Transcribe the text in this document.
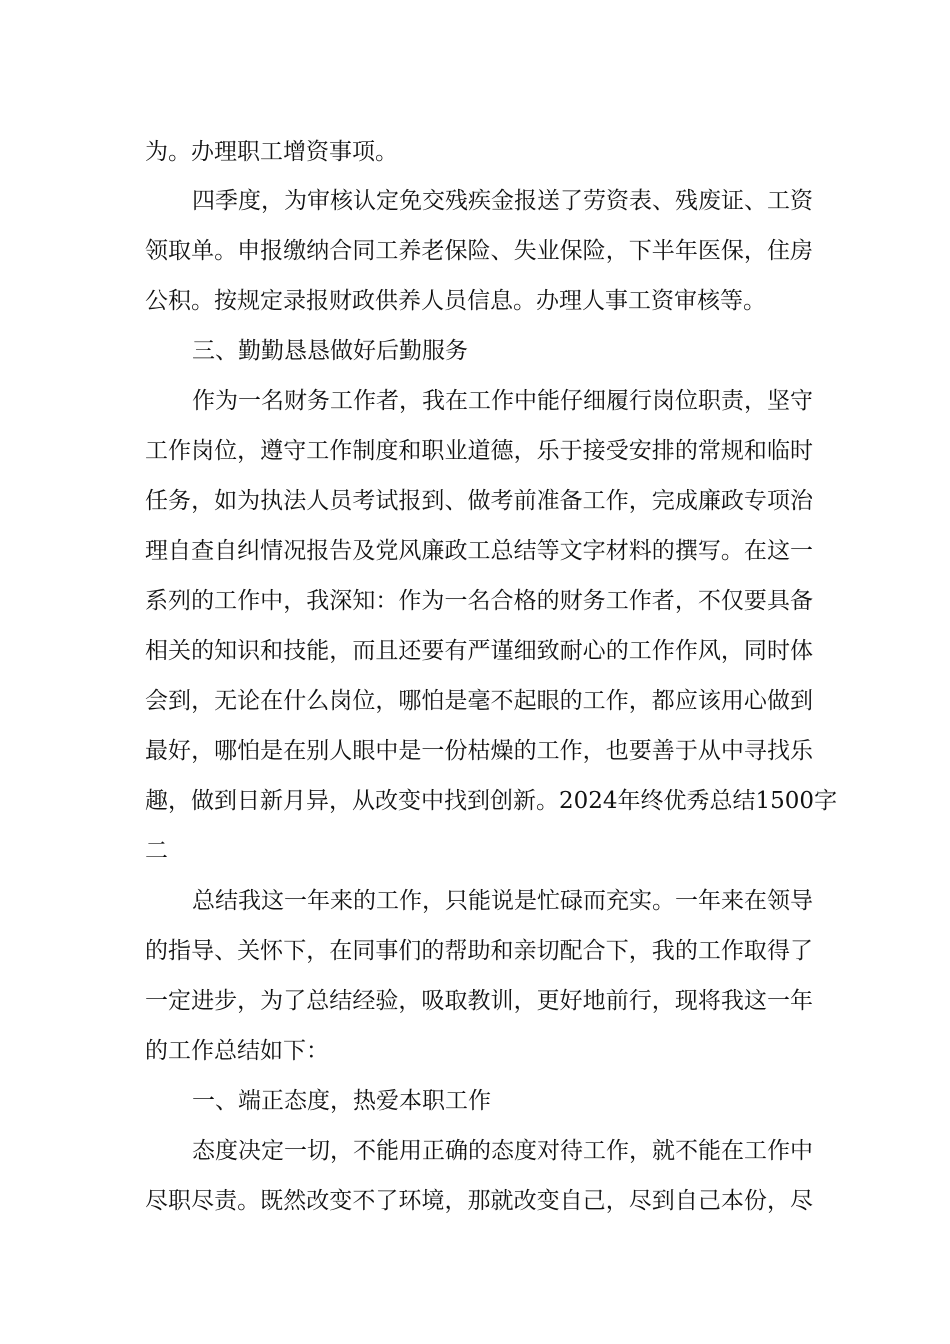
为。办理职工增资事项。
四季度，为审核认定免交残疾金报送了劳资表、残废证、工资
领取单。申报缴纳合同工养老保险、失业保险，下半年医保，住房
公积。按规定录报财政供养人员信息。办理人事工资审核等。
三、勤勤恳恳做好后勤服务
作为一名财务工作者，我在工作中能仔细履行岗位职责，坚守
工作岗位，遵守工作制度和职业道德，乐于接受安排的常规和临时
任务，如为执法人员考试报到、做考前准备工作，完成廉政专项治
理自查自纠情况报告及党风廉政工总结等文字材料的撰写。在这一
系列的工作中，我深知：作为一名合格的财务工作者，不仅要具备
相关的知识和技能，而且还要有严谨细致耐心的工作作风，同时体
会到，无论在什么岗位，哪怕是毫不起眼的工作，都应该用心做到
最好，哪怕是在别人眼中是一份枯燥的工作，也要善于从中寻找乐
趣，做到日新月异，从改变中找到创新。2024年终优秀总结1500字
二
总结我这一年来的工作，只能说是忙碌而充实。一年来在领导
的指导、关怀下，在同事们的帮助和亲切配合下，我的工作取得了
一定进步，为了总结经验，吸取教训，更好地前行，现将我这一年
的工作总结如下：
一、端正态度，热爱本职工作
态度决定一切，不能用正确的态度对待工作，就不能在工作中
尽职尽责。既然改变不了环境，那就改变自己，尽到自己本份，尽
